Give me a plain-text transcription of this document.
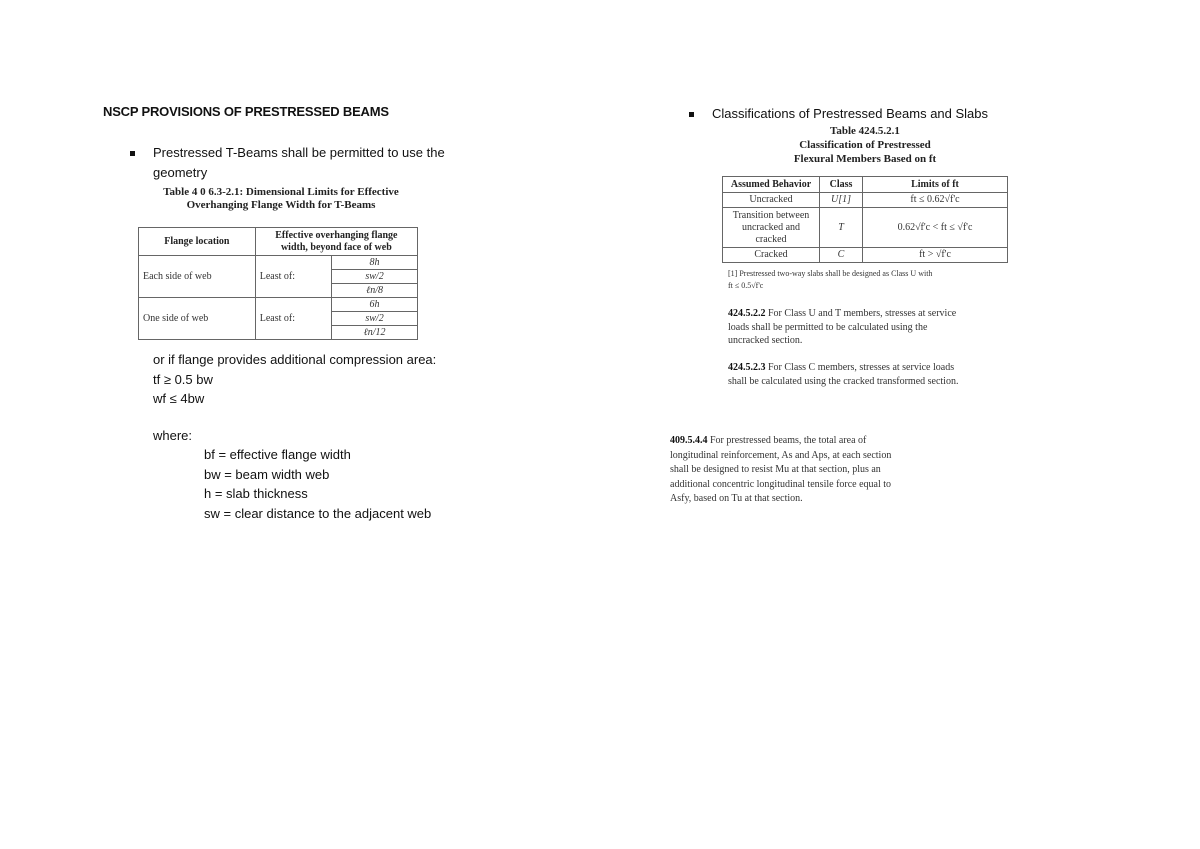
NSCP PROVISIONS OF PRESTRESSED BEAMS
Prestressed T-Beams shall be permitted to use the
geometry
Table 4 0 6.3-2.1: Dimensional Limits for Effective
Overhanging Flange Width for T-Beams
Flange location	Effective overhanging flange
width, beyond face of web	

Each side of web	Least of:	8h
		sw/2
		ℓn/8
One side of web	Least of:	6h
		sw/2
		ℓn/12
or if flange provides additional compression area:
tf ≥ 0.5 bw
wf ≤ 4bw
where:
bf = effective flange width
bw = beam width web
h = slab thickness
sw = clear distance to the adjacent web
Classifications of Prestressed Beams and Slabs
Table 424.5.2.1
Classification of Prestressed
Flexural Members Based on ft
Assumed Behavior	Class	Limits of ft
Uncracked	U[1]	ft ≤ 0.62√f'c
Transition between uncracked and cracked	T	0.62√f'c < ft ≤ √f'c
Cracked	C	ft > √f'c
[1] Prestressed two-way slabs shall be designed as Class U with
ft ≤ 0.5√f'c
424.5.2.2 For Class U and T members, stresses at service
loads shall be permitted to be calculated using the
uncracked section.
424.5.2.3 For Class C members, stresses at service loads
shall be calculated using the cracked transformed section.
409.5.4.4 For prestressed beams, the total area of
longitudinal reinforcement, As and Aps, at each section
shall be designed to resist Mu at that section, plus an
additional concentric longitudinal tensile force equal to
Asfy, based on Tu at that section.
